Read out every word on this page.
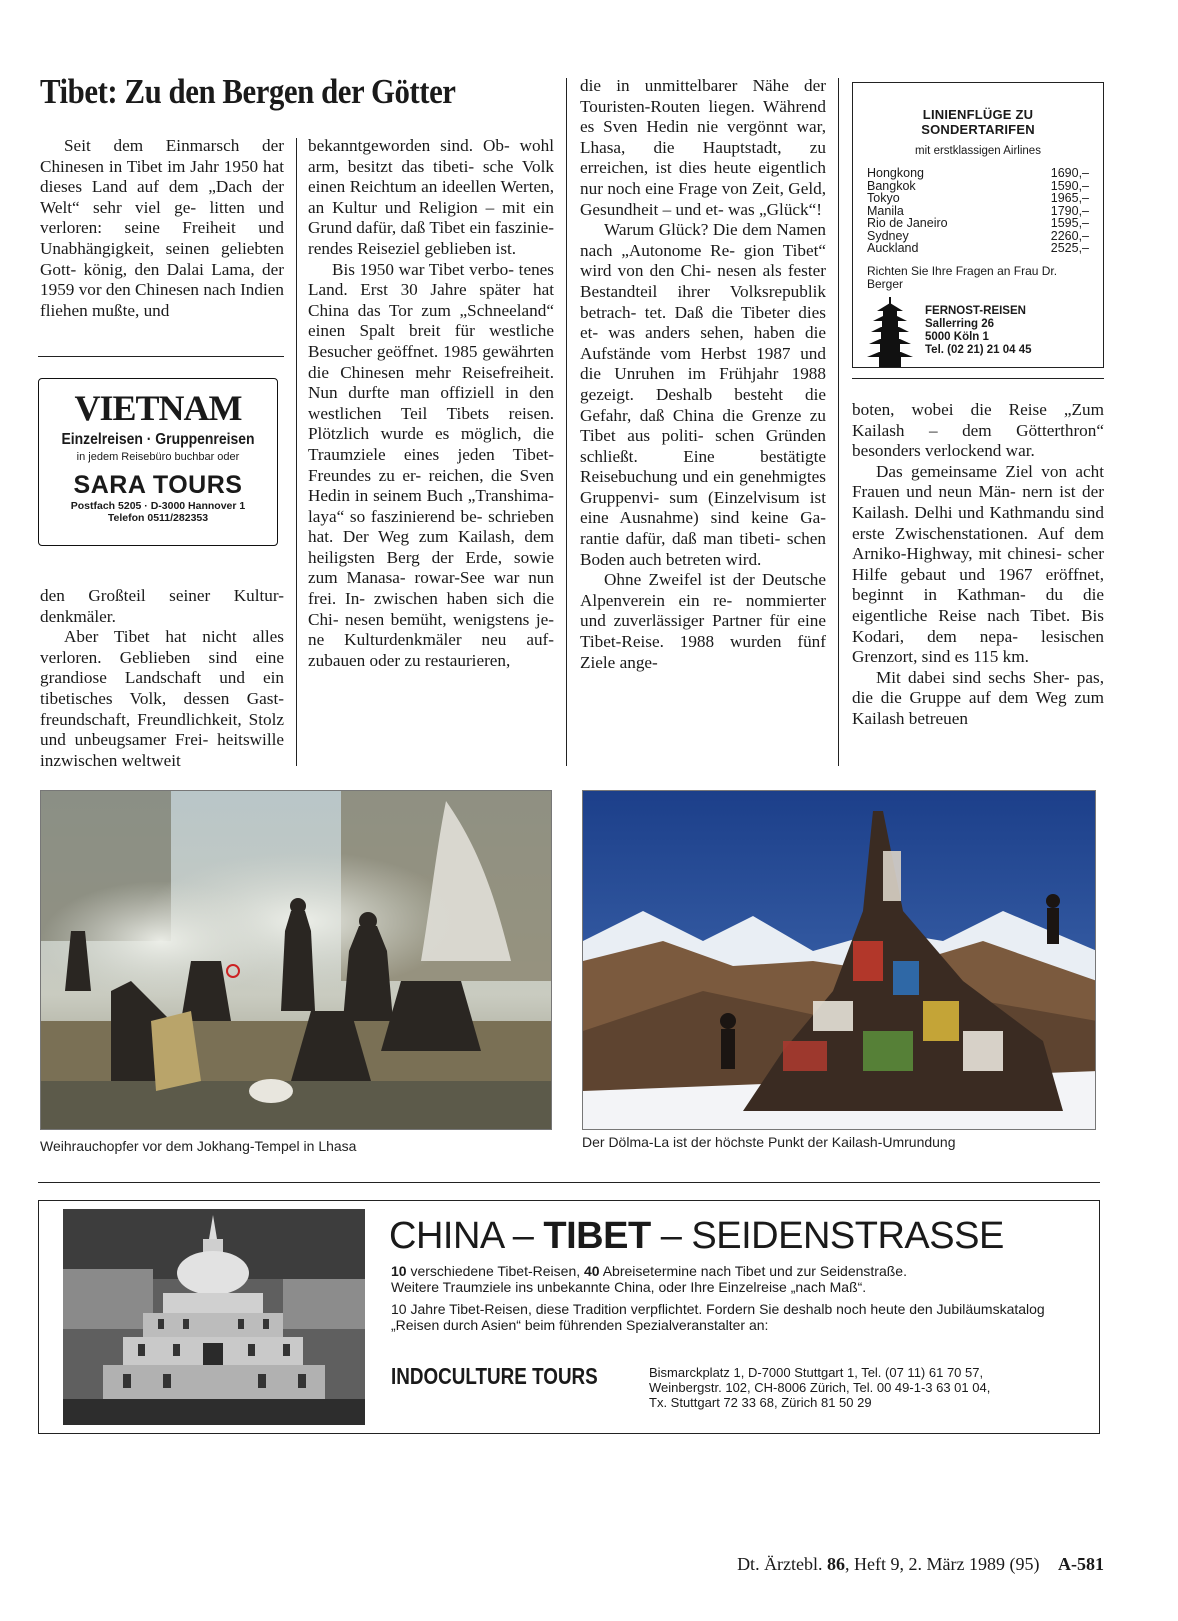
Tibet: Zu den Bergen der Götter

Seit dem Einmarsch der Chinesen in Tibet im Jahr 1950 hat dieses Land auf dem „Dach der Welt“ sehr viel ge- litten und verloren: seine Freiheit und Unabhängigkeit, seinen geliebten Gott- könig, den Dalai Lama, der 1959 vor den Chinesen nach Indien fliehen mußte, und

VIETNAM
Einzelreisen · Gruppenreisen
in jedem Reisebüro buchbar oder
SARA TOURS
Postfach 5205 · D-3000 Hannover 1
Telefon 0511/282353

den Großteil seiner Kultur- denkmäler.

Aber Tibet hat nicht alles verloren. Geblieben sind eine grandiose Landschaft und ein tibetisches Volk, dessen Gast- freundschaft, Freundlichkeit, Stolz und unbeugsamer Frei- heitswille inzwischen weltweit

bekanntgeworden sind. Ob- wohl arm, besitzt das tibeti- sche Volk einen Reichtum an ideellen Werten, an Kultur und Religion – mit ein Grund dafür, daß Tibet ein faszinie- rendes Reiseziel geblieben ist.

Bis 1950 war Tibet verbo- tenes Land. Erst 30 Jahre später hat China das Tor zum „Schneeland“ einen Spalt breit für westliche Besucher geöffnet. 1985 gewährten die Chinesen mehr Reisefreiheit. Nun durfte man offiziell in den westlichen Teil Tibets reisen. Plötzlich wurde es möglich, die Traumziele eines jeden Tibet-Freundes zu er- reichen, die Sven Hedin in seinem Buch „Transhima- laya“ so faszinierend be- schrieben hat. Der Weg zum Kailash, dem heiligsten Berg der Erde, sowie zum Manasa- rowar-See war nun frei. In- zwischen haben sich die Chi- nesen bemüht, wenigstens je- ne Kulturdenkmäler neu auf- zubauen oder zu restaurieren,

die in unmittelbarer Nähe der Touristen-Routen liegen. Während es Sven Hedin nie vergönnt war, Lhasa, die Hauptstadt, zu erreichen, ist dies heute eigentlich nur noch eine Frage von Zeit, Geld, Gesundheit – und et- was „Glück“!

Warum Glück? Die dem Namen nach „Autonome Re- gion Tibet“ wird von den Chi- nesen als fester Bestandteil ihrer Volksrepublik betrach- tet. Daß die Tibeter dies et- was anders sehen, haben die Aufstände vom Herbst 1987 und die Unruhen im Frühjahr 1988 gezeigt. Deshalb besteht die Gefahr, daß China die Grenze zu Tibet aus politi- schen Gründen schließt. Eine bestätigte Reisebuchung und ein genehmigtes Gruppenvi- sum (Einzelvisum ist eine Ausnahme) sind keine Ga- rantie dafür, daß man tibeti- schen Boden auch betreten wird.

Ohne Zweifel ist der Deutsche Alpenverein ein re- nommierter und zuverlässiger Partner für eine Tibet-Reise. 1988 wurden fünf Ziele ange-

LINIENFLÜGE ZU SONDERTARIFEN
mit erstklassigen Airlines
Hongkong	1690,–
Bangkok	1590,–
Tokyo	1965,–
Manila	1790,–
Rio de Janeiro	1595,–
Sydney	2260,–
Auckland	2525,–
Richten Sie Ihre Fragen an Frau Dr. Berger
FERNOST-REISEN
Sallerring 26
5000 Köln 1
Tel. (02 21) 21 04 45

boten, wobei die Reise „Zum Kailash – dem Götterthron“ besonders verlockend war.

Das gemeinsame Ziel von acht Frauen und neun Män- nern ist der Kailash. Delhi und Kathmandu sind erste Zwischenstationen. Auf dem Arniko-Highway, mit chinesi- scher Hilfe gebaut und 1967 eröffnet, beginnt in Kathman- du die eigentliche Reise nach Tibet. Bis Kodari, dem nepa- lesischen Grenzort, sind es 115 km.

Mit dabei sind sechs Sher- pas, die die Gruppe auf dem Weg zum Kailash betreuen

Weihrauchopfer vor dem Jokhang-Tempel in Lhasa	Der Dölma-La ist der höchste Punkt der Kailash-Umrundung
CHINA – TIBET – SEIDENSTRASSE

10 verschiedene Tibet-Reisen, 40 Abreisetermine nach Tibet und zur Seidenstraße.

Weitere Traumziele ins unbekannte China, oder Ihre Einzelreise „nach Maß“.

10 Jahre Tibet-Reisen, diese Tradition verpflichtet. Fordern Sie deshalb noch heute den Jubiläumskatalog „Reisen durch Asien“ beim führenden Spezialveranstalter an:

INDOCULTURE TOURS	Bismarckplatz 1, D-7000 Stuttgart 1, Tel. (07 11) 61 70 57,
Weinbergstr. 102, CH-8006 Zürich, Tel. 00 49-1-3 63 01 04,
Tx. Stuttgart 72 33 68, Zürich 81 50 29
Dt. Ärztebl. 86, Heft 9, 2. März 1989 (95) A-581
